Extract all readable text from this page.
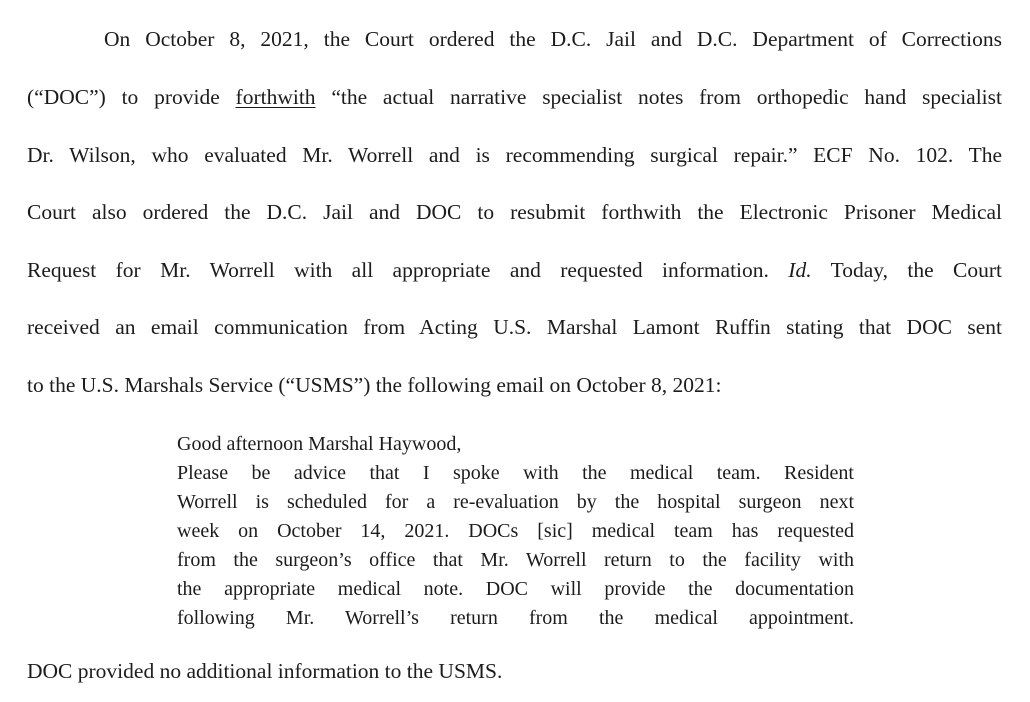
On October 8, 2021, the Court ordered the D.C. Jail and D.C. Department of Corrections
(“DOC”) to provide forthwith “the actual narrative specialist notes from orthopedic hand specialist
Dr. Wilson, who evaluated Mr. Worrell and is recommending surgical repair.” ECF No. 102. The
Court also ordered the D.C. Jail and DOC to resubmit forthwith the Electronic Prisoner Medical
Request for Mr. Worrell with all appropriate and requested information. Id. Today, the Court
received an email communication from Acting U.S. Marshal Lamont Ruffin stating that DOC sent
to the U.S. Marshals Service (“USMS”) the following email on October 8, 2021:
Good afternoon Marshal Haywood,
Please be advice that I spoke with the medical team. Resident
Worrell is scheduled for a re-evaluation by the hospital surgeon next
week on October 14, 2021. DOCs [sic] medical team has requested
from the surgeon’s office that Mr. Worrell return to the facility with
the appropriate medical note. DOC will provide the documentation
following Mr. Worrell’s return from the medical appointment.
DOC provided no additional information to the USMS.
